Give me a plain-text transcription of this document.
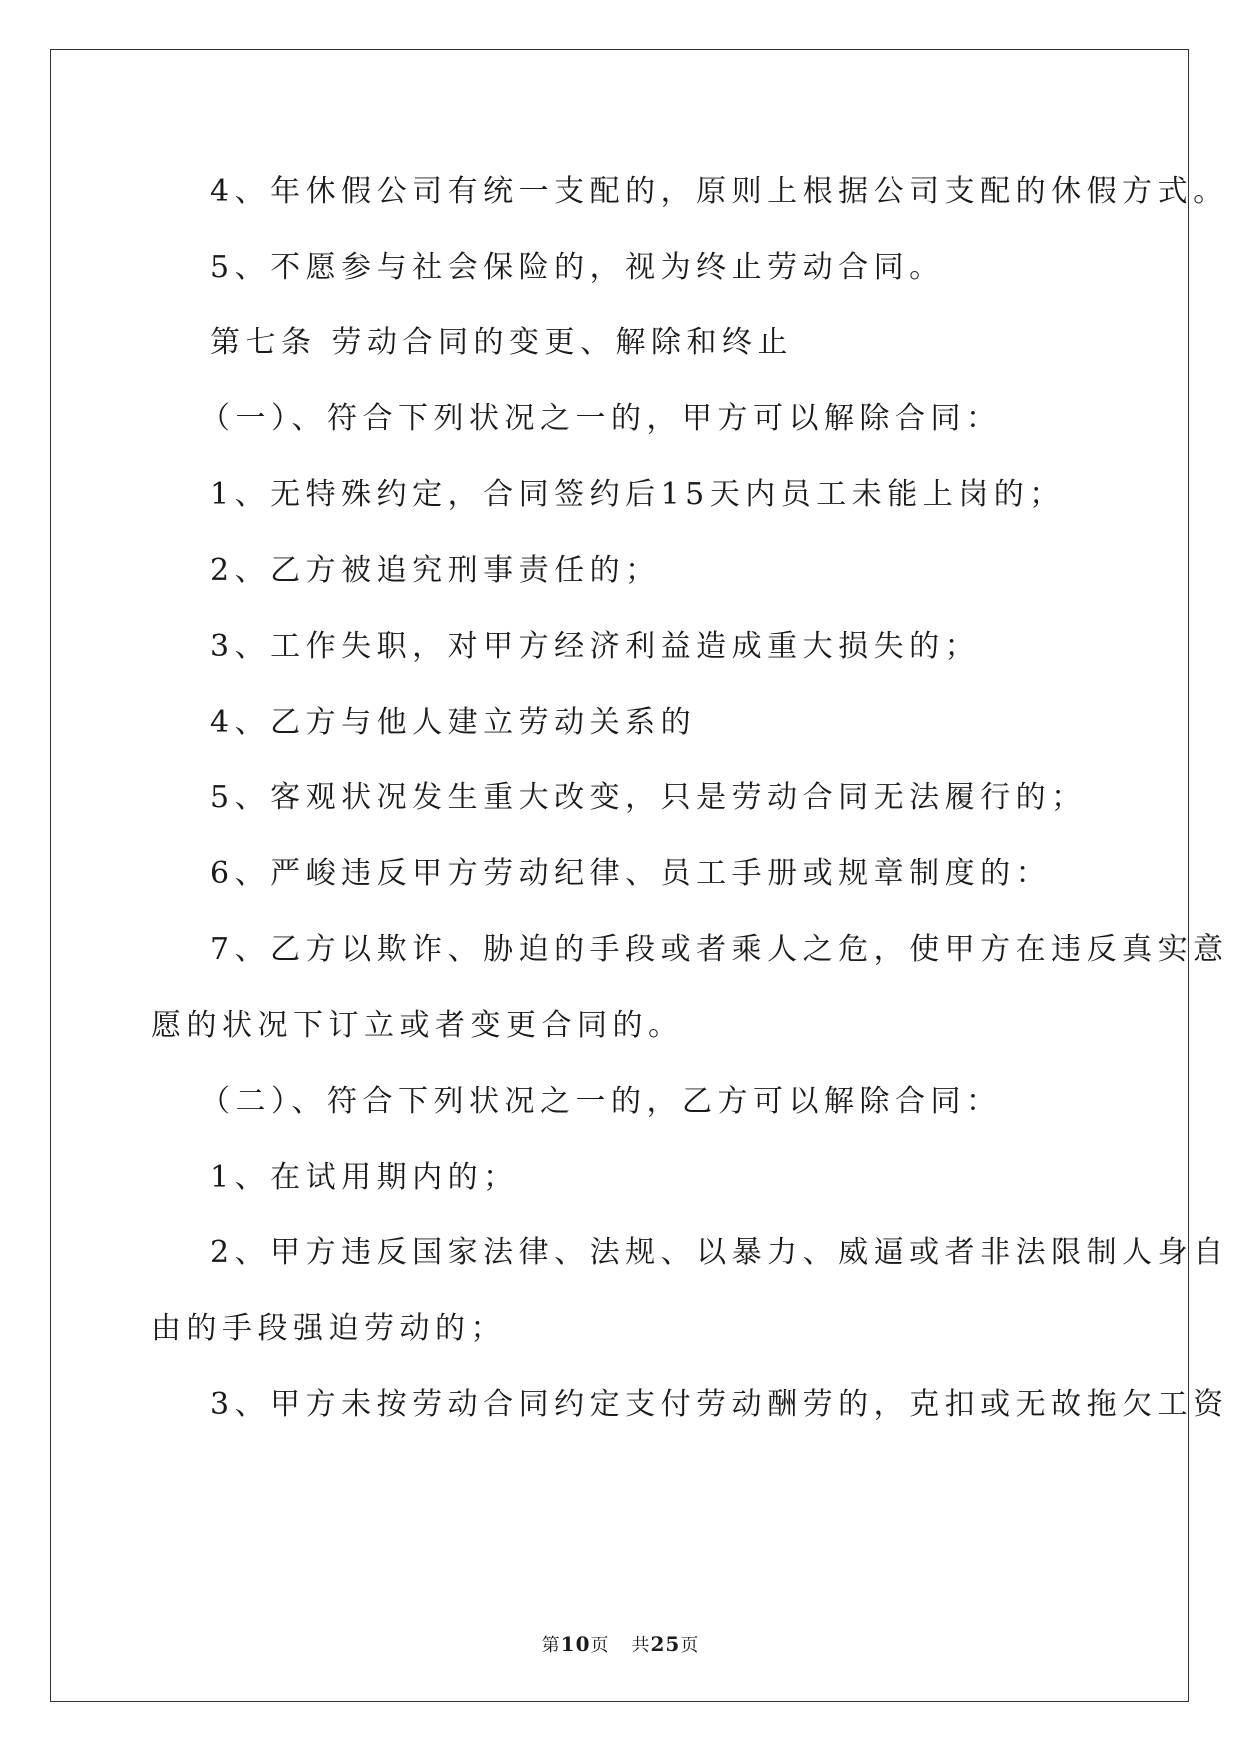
4、年休假公司有统一支配的，原则上根据公司支配的休假方式。
5、不愿参与社会保险的，视为终止劳动合同。
第七条 劳动合同的变更、解除和终止
（一）、符合下列状况之一的，甲方可以解除合同：
1、无特殊约定，合同签约后15天内员工未能上岗的；
2、乙方被追究刑事责任的；
3、工作失职，对甲方经济利益造成重大损失的；
4、乙方与他人建立劳动关系的
5、客观状况发生重大改变，只是劳动合同无法履行的；
6、严峻违反甲方劳动纪律、员工手册或规章制度的：
7、乙方以欺诈、胁迫的手段或者乘人之危，使甲方在违反真实意
愿的状况下订立或者变更合同的。
（二）、符合下列状况之一的，乙方可以解除合同：
1、在试用期内的；
2、甲方违反国家法律、法规、以暴力、威逼或者非法限制人身自
由的手段强迫劳动的；
3、甲方未按劳动合同约定支付劳动酬劳的，克扣或无故拖欠工资
第10页 共25页
